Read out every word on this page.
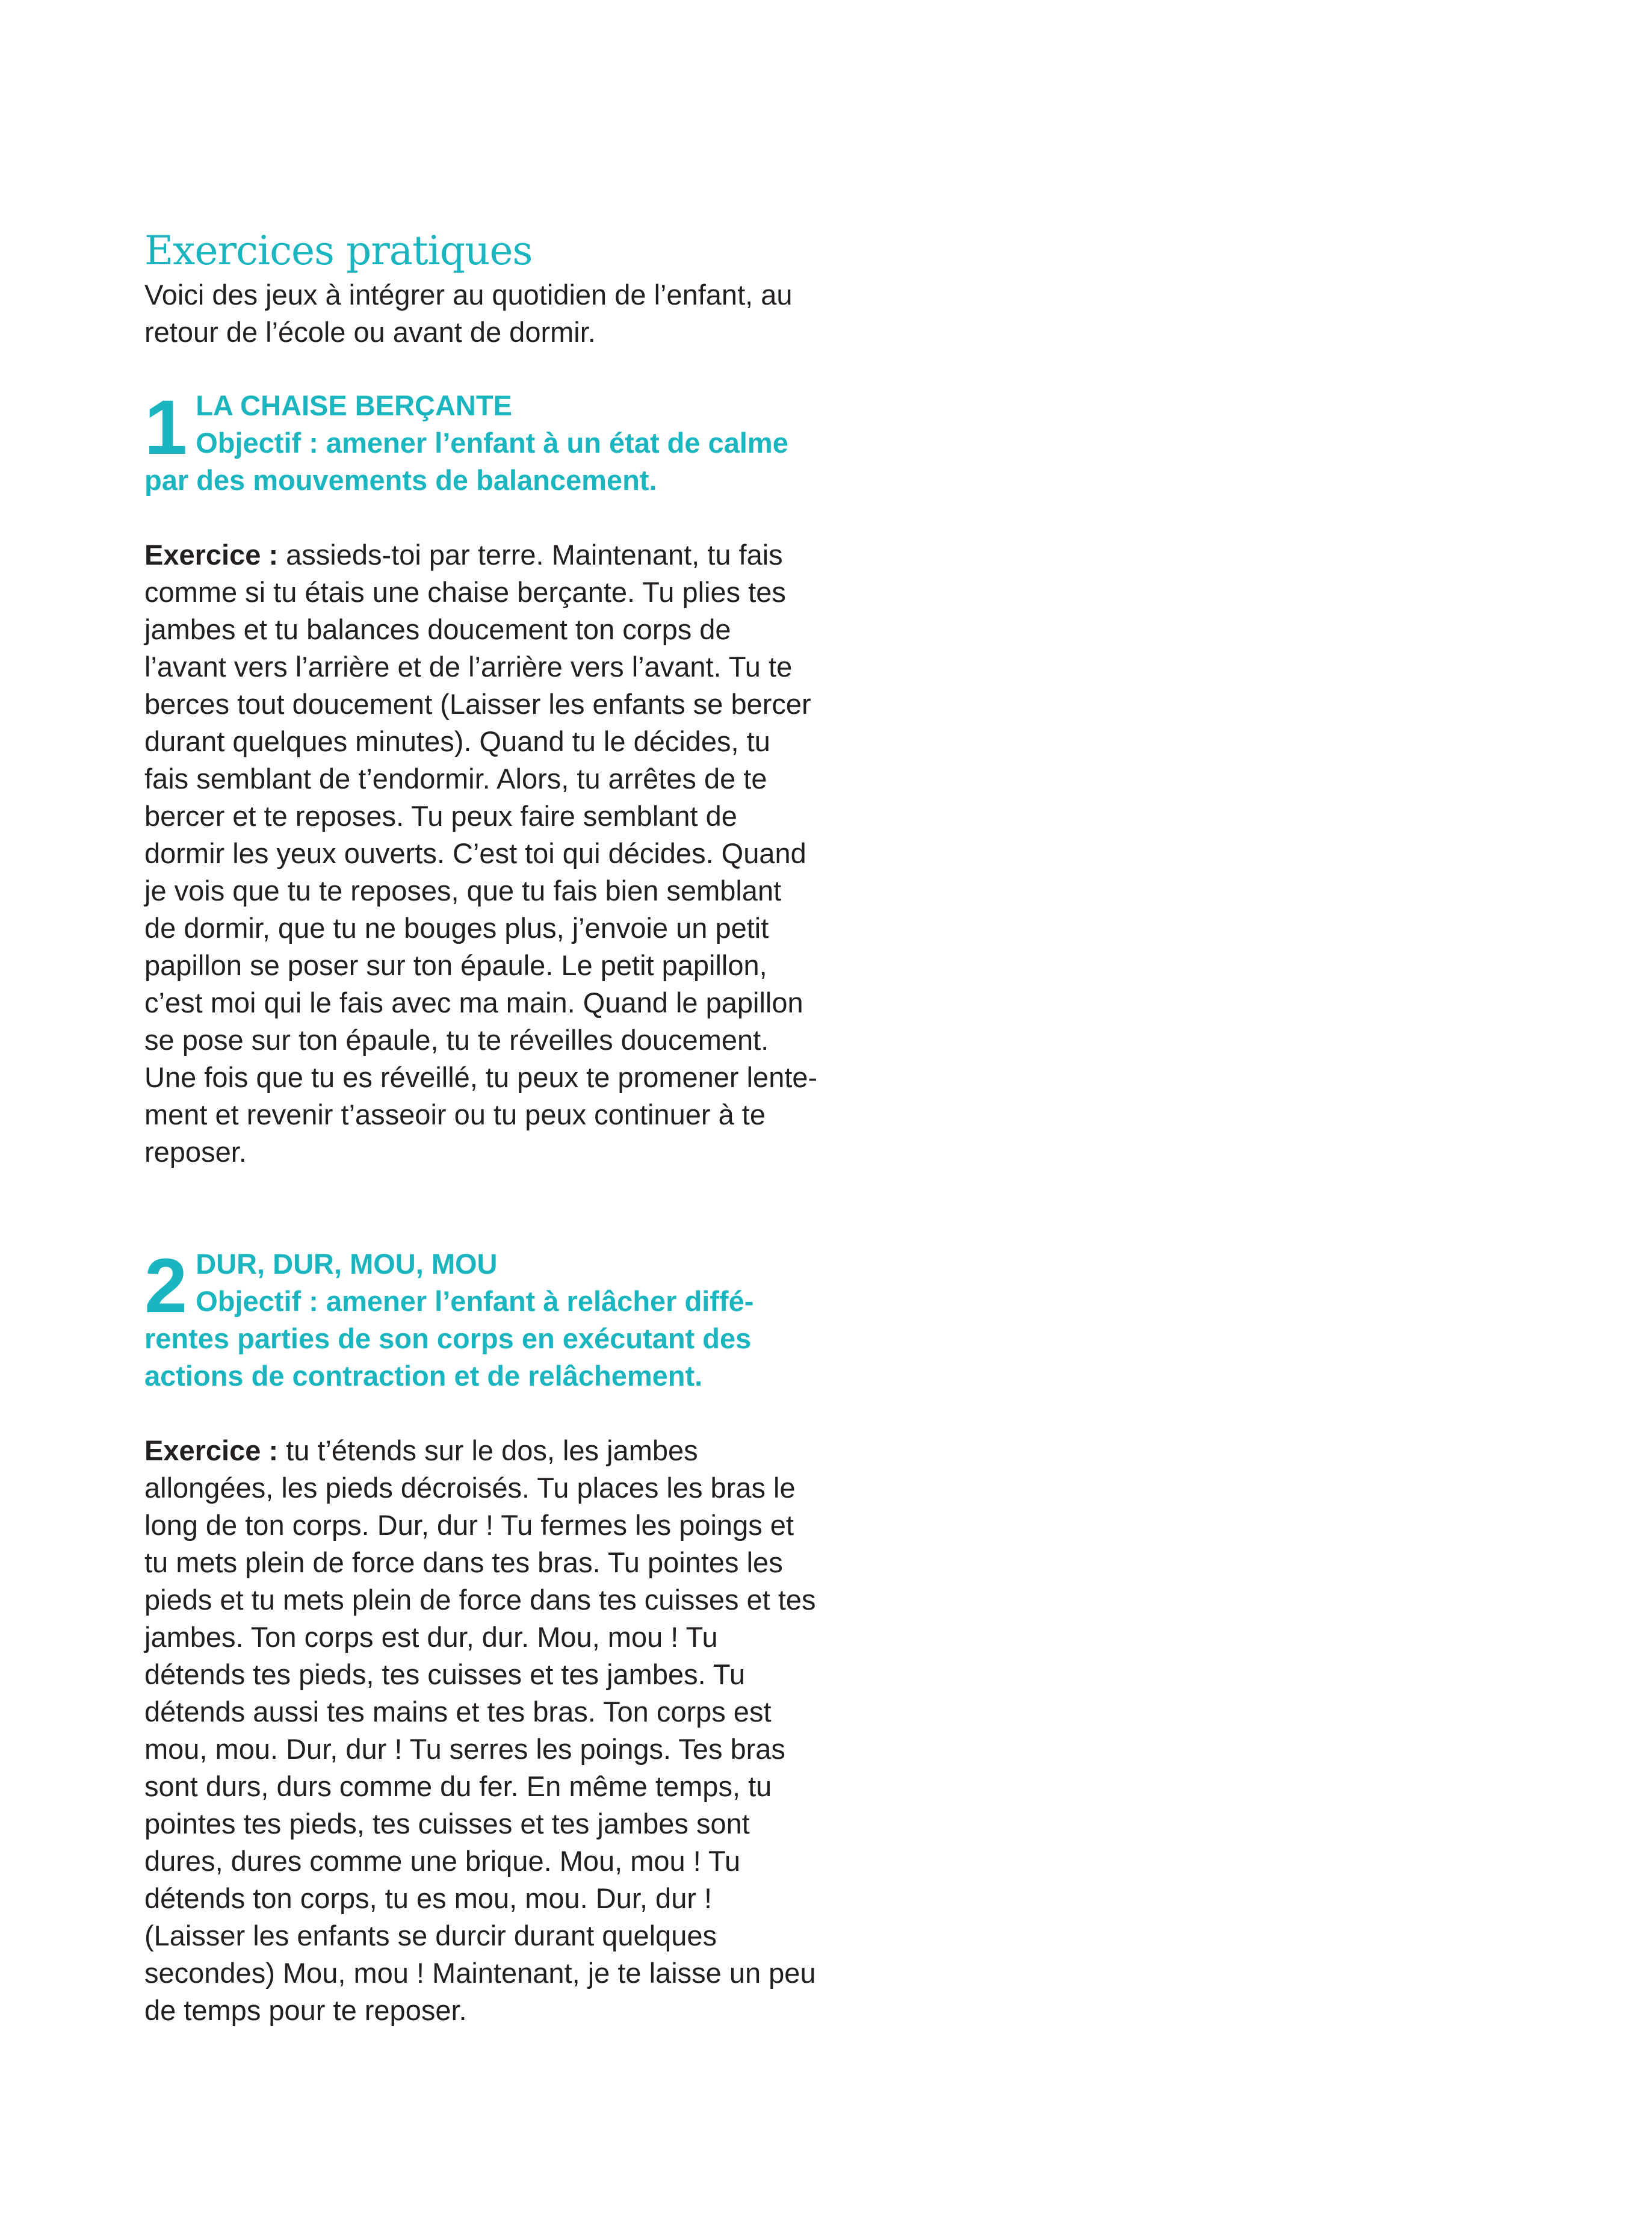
Exercices pratiques

Voici des jeux à intégrer au quotidien de l’enfant, au retour de l’école ou avant de dormir.

1 LA CHAISE BERÇANTE
Objectif : amener l’enfant à un état de calme par des mouvements de balancement.

Exercice : assieds-toi par terre. Maintenant, tu fais comme si tu étais une chaise berçante. Tu plies tes jambes et tu balances doucement ton corps de l’avant vers l’arrière et de l’arrière vers l’avant. Tu te berces tout doucement (Laisser les enfants se bercer durant quelques minutes). Quand tu le décides, tu fais semblant de t’endormir. Alors, tu arrêtes de te bercer et te reposes. Tu peux faire semblant de dormir les yeux ouverts. C’est toi qui décides. Quand je vois que tu te reposes, que tu fais bien semblant de dormir, que tu ne bouges plus, j’envoie un petit papillon se poser sur ton épaule. Le petit papillon, c’est moi qui le fais avec ma main. Quand le papillon se pose sur ton épaule, tu te réveilles doucement. Une fois que tu es réveillé, tu peux te promener lente-ment et revenir t’asseoir ou tu peux continuer à te reposer.

2 DUR, DUR, MOU, MOU
Objectif : amener l’enfant à relâcher diffé-rentes parties de son corps en exécutant des actions de contraction et de relâchement.

Exercice : tu t’étends sur le dos, les jambes allongées, les pieds décroisés. Tu places les bras le long de ton corps. Dur, dur ! Tu fermes les poings et tu mets plein de force dans tes bras. Tu pointes les pieds et tu mets plein de force dans tes cuisses et tes jambes. Ton corps est dur, dur. Mou, mou ! Tu détends tes pieds, tes cuisses et tes jambes. Tu détends aussi tes mains et tes bras. Ton corps est mou, mou. Dur, dur ! Tu serres les poings. Tes bras sont durs, durs comme du fer. En même temps, tu pointes tes pieds, tes cuisses et tes jambes sont dures, dures comme une brique. Mou, mou ! Tu détends ton corps, tu es mou, mou. Dur, dur ! (Laisser les enfants se durcir durant quelques secondes) Mou, mou ! Maintenant, je te laisse un peu de temps pour te reposer.
